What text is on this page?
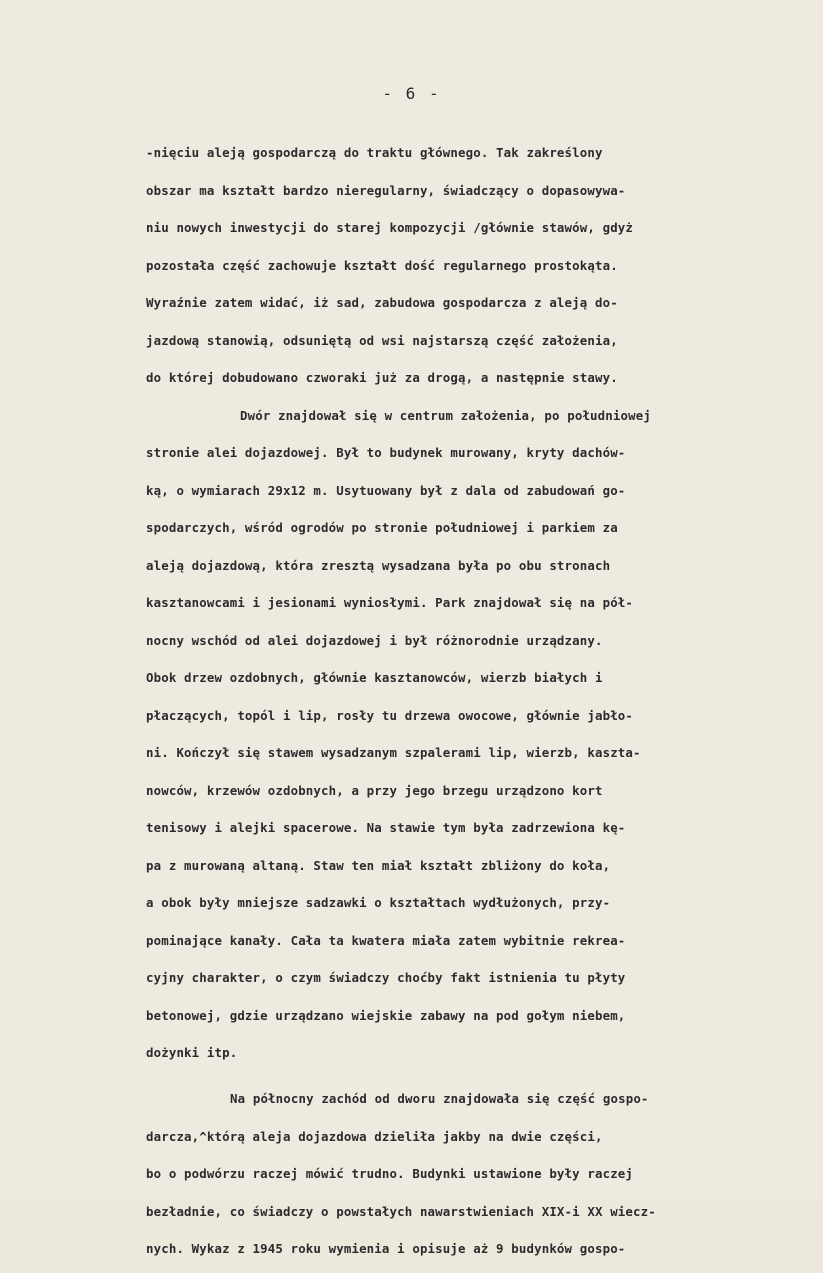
- 6 -
-nięciu aleją gospodarczą do traktu głównego. Tak zakreślony
obszar ma kształt bardzo nieregularny, świadczący o dopasowywa-
niu nowych inwestycji do starej kompozycji /głównie stawów, gdyż
pozostała część zachowuje kształt dość regularnego prostokąta.
Wyraźnie zatem widać, iż sad, zabudowa gospodarcza z aleją do-
jazdową stanowią, odsuniętą od wsi najstarszą część założenia,
do której dobudowano czworaki już za drogą, a następnie stawy.
Dwór znajdował się w centrum założenia, po południowej
stronie alei dojazdowej. Był to budynek murowany, kryty dachów-
ką, o wymiarach 29x12 m. Usytuowany był z dala od zabudowań go-
spodarczych, wśród ogrodów po stronie południowej i parkiem za
aleją dojazdową, która zresztą wysadzana była po obu stronach
kasztanowcami i jesionami wyniosłymi. Park znajdował się na pół-
nocny wschód od alei dojazdowej i był różnorodnie urządzany.
Obok drzew ozdobnych, głównie kasztanowców, wierzb białych i
płaczących, topól i lip, rosły tu drzewa owocowe, głównie jabło-
ni. Kończył się stawem wysadzanym szpalerami lip, wierzb, kaszta-
nowców, krzewów ozdobnych, a przy jego brzegu urządzono kort
tenisowy i alejki spacerowe. Na stawie tym była zadrzewiona kę-
pa z murowaną altaną. Staw ten miał kształt zbliżony do koła,
a obok były mniejsze sadzawki o kształtach wydłużonych, przy-
pominające kanały. Cała ta kwatera miała zatem wybitnie rekrea-
cyjny charakter, o czym świadczy choćby fakt istnienia tu płyty
betonowej, gdzie urządzano wiejskie zabawy na pod gołym niebem,
dożynki itp.
Na północny zachód od dworu znajdowała się część gospo-
darcza,^którą aleja dojazdowa dzieliła jakby na dwie części,
bo o podwórzu raczej mówić trudno. Budynki ustawione były raczej
bezładnie, co świadczy o powstałych nawarstwieniach XIX-i XX wiecz-
nych. Wykaz z 1945 roku wymienia i opisuje aż 9 budynków gospo-
